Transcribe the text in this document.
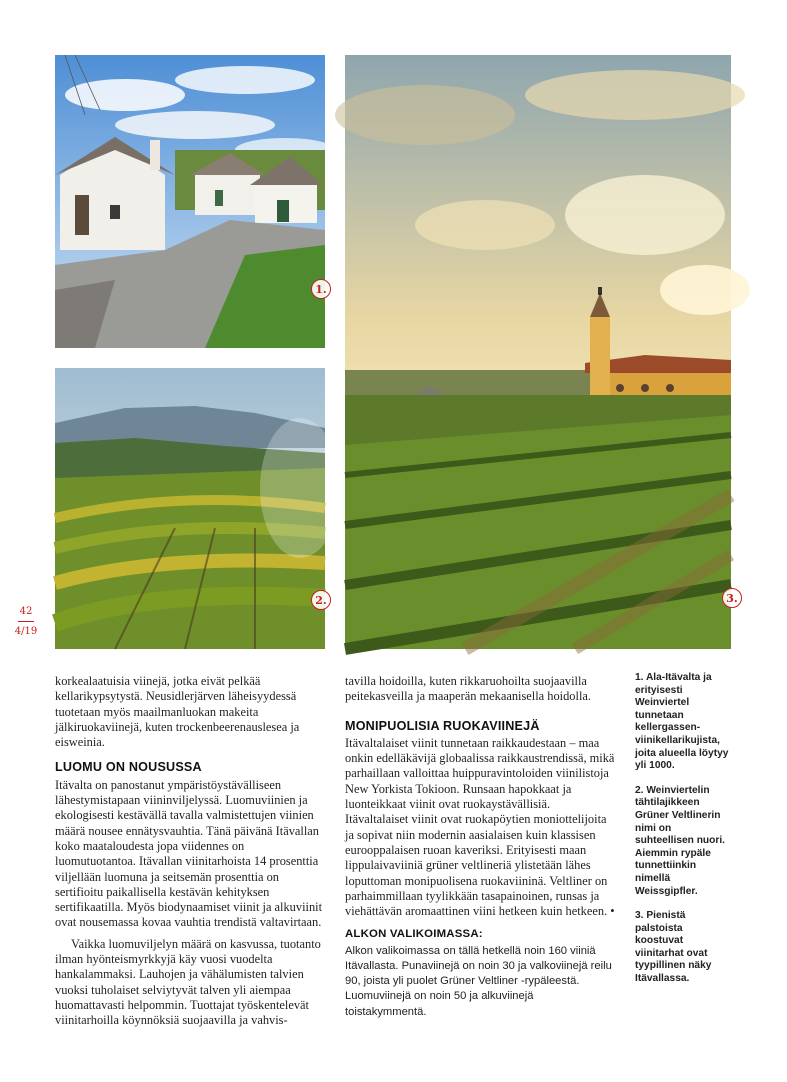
1.
2.	3.
42
4/19

korkealaatuisia viinejä, jotka eivät pelkää kellarikypsytystä. Neusidlerjärven läheisyydessä tuotetaan myös maailmanluokan makeita jälkiruokaviinejä, kuten trockenbeerenauslesea ja eisweinia.

LUOMU ON NOUSUSSA

Itävalta on panostanut ympäristöystävälliseen lähestymistapaan viininviljelyssä. Luomuviinien ja ekologisesti kestävällä tavalla valmistettujen viinien määrä nousee ennätysvauhtia. Tänä päivänä Itävallan koko maataloudesta jopa viidennes on luomutuotantoa. Itävallan viinitarhoista 14 prosenttia viljellään luomuna ja seitsemän prosenttia on sertifioitu paikallisella kestävän kehityksen sertifikaatilla. Myös biodynaamiset viinit ja alkuviinit ovat nousemassa kovaa vauhtia trendistä valtavirtaan.

Vaikka luomuviljelyn määrä on kasvussa, tuotanto ilman hyönteismyrkkyjä käy vuosi vuodelta hankalammaksi. Lauhojen ja vähälumisten talvien vuoksi tuholaiset selviytyvät talven yli aiempaa huomattavasti helpommin. Tuottajat työskentelevät viinitarhoilla köynnöksiä suojaavilla ja vahvis-

tavilla hoidoilla, kuten rikkaruohoilta suojaavilla peitekasveilla ja maaperän mekaanisella hoidolla.

MONIPUOLISIA RUOKAVIINEJÄ

Itävaltalaiset viinit tunnetaan raikkaudestaan – maa onkin edelläkävijä globaalissa raikkaustrendissä, mikä parhaillaan valloittaa huippuravintoloiden viinilistoja New Yorkista Tokioon. Runsaan hapokkaat ja luonteikkaat viinit ovat ruokaystävällisiä. Itävaltalaiset viinit ovat ruokapöytien moniottelijoita ja sopivat niin modernin aasialaisen kuin klassisen eurooppalaisen ruoan kaveriksi. Erityisesti maan lippulaivaviiniä grüner veltlineriä ylistetään lähes loputtoman monipuolisena ruokaviininä. Veltliner on parhaimmillaan tyylikkään tasapainoinen, runsas ja viehättävän aromaattinen viini hetkeen kuin hetkeen. •

ALKON VALIKOIMASSA:

Alkon valikoimassa on tällä hetkellä noin 160 viiniä Itävallasta. Punaviinejä on noin 30 ja valkoviinejä reilu 90, joista yli puolet Grüner Veltliner -rypäleestä. Luomuviinejä on noin 50 ja alkuviinejä toistakymmentä.

1. Ala-Itävalta ja erityisesti Weinviertel tunnetaan kellergassen-viinikellarikujista, joita alueella löytyy yli 1000.

2. Weinviertelin tähtilajikkeen Grüner Veltlinerin nimi on suhteellisen nuori. Aiemmin rypäle tunnettiinkin nimellä Weissgipfler.

3. Pienistä palstoista koostuvat viinitarhat ovat tyypillinen näky Itävallassa.
